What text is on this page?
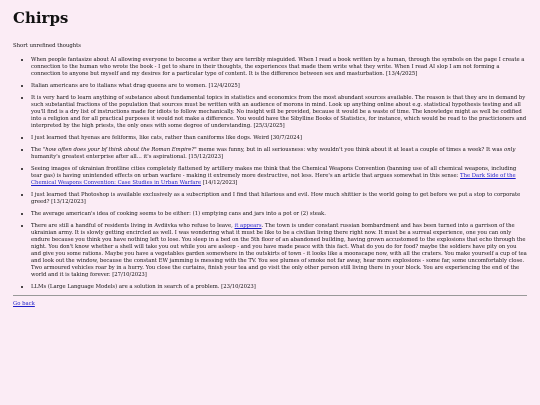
Chirps

Short unrefined thoughts

• When people fantasize about AI allowing everyone to become a writer they are terribly misguided. When I read a book written by a human, through the symbols on the page I create a connection to the human who wrote the book - I get to share in their thoughts, the experiences that made them write what they write. When I read AI slop I am not forming a connection to anyone but myself and my desires for a particular type of content. It is the difference between sex and masturbation. [13/4/2025]
• Italian americans are to italians what drag queens are to women. [12/4/2025]
• It is very hard to learn anything of substance about fundamental topics in statistics and economics from the most abundant sources available. The reason is that they are in demand by such substantial fractions of the population that sources must be written with an audience of morons in mind. Look up anything online about e.g. statistical hypothesis testing and all you'll find is a dry list of instructions made for idiots to follow mechanically. No insight will be provided, because it would be a waste of time. The knowledge might as well be codified into a religion and for all practical purposes it would not make a difference. You would have the Sibylline Books of Statistics, for instance, which would be read to the practicioners and interpreted by the high priests, the only ones with some degree of understanding. [25/3/2025]
• I just learned that hyenas are feliforms, like cats, rather than caniforms like dogs. Weird [30/7/2024]
• The "how often does your bf think about the Roman Empire?" meme was funny, but in all seriousness: why wouldn't you think about it at least a couple of times a week? It was only humanity's greatest enterprise after all... it's aspirational. [15/12/2023]
• Seeing images of ukrainian frontline cities completely flattened by artillery makes me think that the Chemical Weapons Convention (banning use of all chemical weapons, including tear gas) is having unintended effects on urban warfare - making it extremely more destructive, not less. Here's an article that argues somewhat in this sense: The Dark Side of the Chemical Weapons Convention: Case Studies in Urban Warfare [14/12/2023]
• I just learned that Photoshop is available exclusively as a subscription and I find that hilarious and evil. How much shittier is the world going to get before we put a stop to corporate greed? [13/12/2023]
• The average american's idea of cooking seems to be either: (1) emptying cans and jars into a pot or (2) steak.
• There are still a handful of residents living in Avdiivka who refuse to leave, it appears. The town is under constant russian bombardment and has been turned into a garrison of the ukrainian army. It is slowly getting encircled as well. I was wondering what it must be like to be a civilian living there right now. It must be a surreal experience, one you can only endure because you think you have nothing left to lose. You sleep in a bed on the 5th floor of an abandoned building, having grown accustomed to the explosions that echo through the night. You don't know whether a shell will take you out while you are asleep - and you have made peace with this fact. What do you do for food? maybe the soldiers have pity on you and give you some rations. Maybe you have a vegetables garden somewhere in the outskirts of town - it looks like a moonscape now, with all the craters. You make yourself a cup of tea and look out the window, because the constant EW jamming is messing with the TV. You see plumes of smoke not far away, hear more explosions - some far, some uncomfortably close. Two armoured vehicles roar by in a hurry. You close the curtains, finish your tea and go visit the only other person still living there in your block. You are experiencing the end of the world and it is taking forever. [27/10/2023]
• LLMs (Large Language Models) are a solution in search of a problem. [23/10/2023]
Go back
